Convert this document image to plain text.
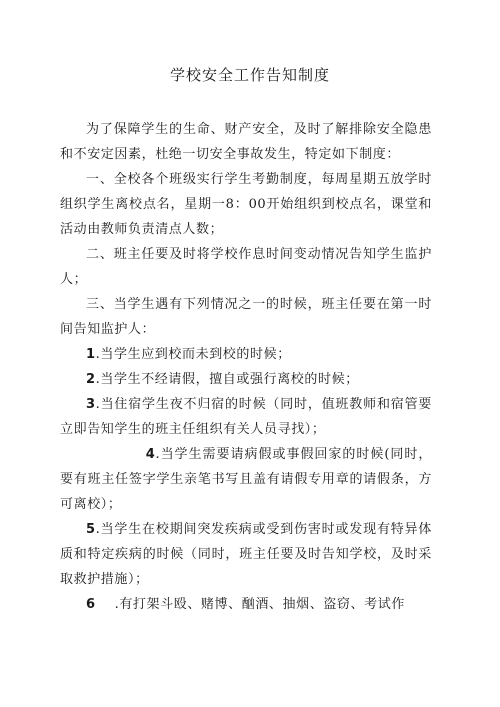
学校安全工作告知制度

为了保障学生的生命、财产安全，及时了解排除安全隐患和不安定因素，杜绝一切安全事故发生，特定如下制度：

一、全校各个班级实行学生考勤制度，每周星期五放学时组织学生离校点名，星期一8：00开始组织到校点名，课堂和活动由教师负责清点人数；

二、班主任要及时将学校作息时间变动情况告知学生监护人；

三、当学生遇有下列情况之一的时候，班主任要在第一时间告知监护人：

1.当学生应到校而未到校的时候；

2.当学生不经请假，擅自或强行离校的时候；

3.当住宿学生夜不归宿的时候（同时，值班教师和宿管要立即告知学生的班主任组织有关人员寻找）；

4.当学生需要请病假或事假回家的时候(同时，要有班主任签字学生亲笔书写且盖有请假专用章的请假条，方可离校）；

5.当学生在校期间突发疾病或受到伤害时或发现有特异体质和特定疾病的时候（同时，班主任要及时告知学校，及时采取救护措施）；

6    .有打架斗殴、赌博、酗酒、抽烟、盗窃、考试作
